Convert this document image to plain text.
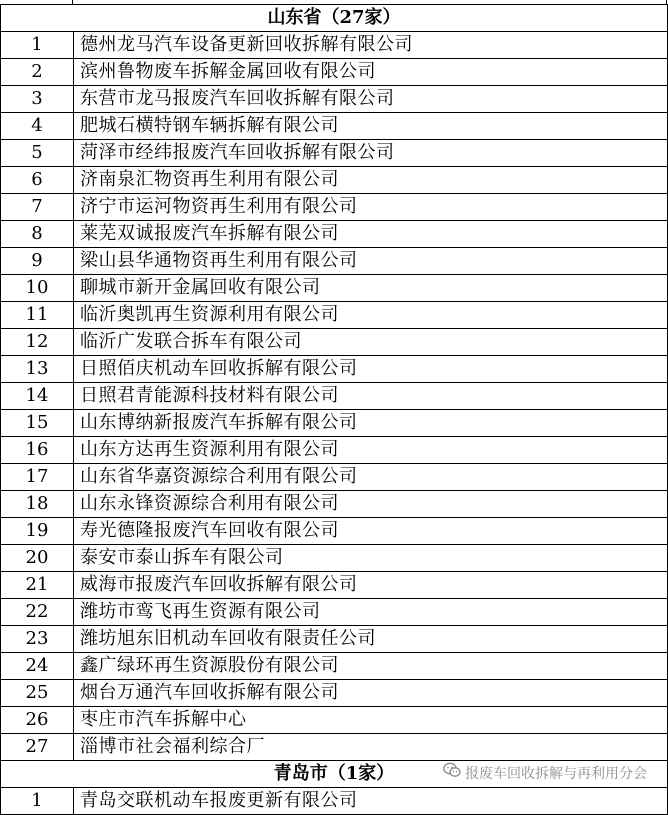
山东省（27家）	
1	德州龙马汽车设备更新回收拆解有限公司
2	滨州鲁物废车拆解金属回收有限公司
3	东营市龙马报废汽车回收拆解有限公司
4	肥城石横特钢车辆拆解有限公司
5	菏泽市经纬报废汽车回收拆解有限公司
6	济南泉汇物资再生利用有限公司
7	济宁市运河物资再生利用有限公司
8	莱芜双诚报废汽车拆解有限公司
9	梁山县华通物资再生利用有限公司
10	聊城市新开金属回收有限公司
11	临沂奥凯再生资源利用有限公司
12	临沂广发联合拆车有限公司
13	日照佰庆机动车回收拆解有限公司
14	日照君青能源科技材料有限公司
15	山东博纳新报废汽车拆解有限公司
16	山东方达再生资源利用有限公司
17	山东省华嘉资源综合利用有限公司
18	山东永锋资源综合利用有限公司
19	寿光德隆报废汽车回收有限公司
20	泰安市泰山拆车有限公司
21	威海市报废汽车回收拆解有限公司
22	潍坊市鸾飞再生资源有限公司
23	潍坊旭东旧机动车回收有限责任公司
24	鑫广绿环再生资源股份有限公司
25	烟台万通汽车回收拆解有限公司
26	枣庄市汽车拆解中心
27	淄博市社会福利综合厂
青岛市（1家） 报废车回收拆解与再利用分会	

1	青岛交联机动车报废更新有限公司
